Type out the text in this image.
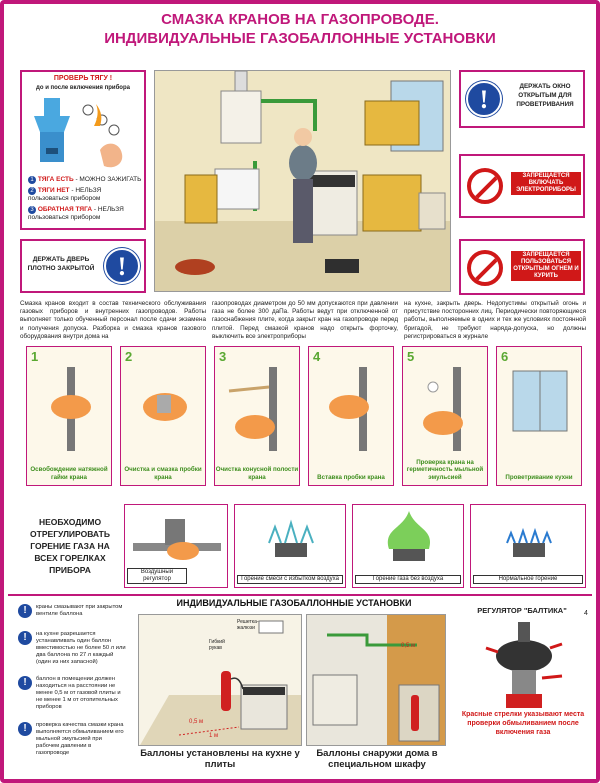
СМАЗКА КРАНОВ НА ГАЗОПРОВОДЕ.
ИНДИВИДУАЛЬНЫЕ ГАЗОБАЛЛОННЫЕ УСТАНОВКИ
ПРОВЕРЬ ТЯГУ !
до и после включения прибора
1 ТЯГА ЕСТЬ - МОЖНО ЗАЖИГАТЬ
2 ТЯГИ НЕТ - НЕЛЬЗЯ пользоваться прибором
3 ОБРАТНАЯ ТЯГА - НЕЛЬЗЯ пользоваться прибором
ДЕРЖАТЬ ДВЕРЬ ПЛОТНО ЗАКРЫТОЙ !
!	ДЕРЖАТЬ ОКНО ОТКРЫТЫМ ДЛЯ ПРОВЕТРИВАНИЯ
ЗАПРЕЩАЕТСЯ ВКЛЮЧАТЬ ЭЛЕКТРОПРИБОРЫ
ЗАПРЕЩАЕТСЯ ПОЛЬЗОВАТЬСЯ ОТКРЫТЫМ ОГНЕМ И КУРИТЬ
Смазка кранов входит в состав технического обслуживания газовых приборов и внутренних газопроводов. Работы выполняет только обученный персонал после сдачи экзамена и получения допуска. Разборка и смазка кранов газового оборудования внутри дома на
газопроводах диаметром до 50 мм допускаются при давлении газа не более 300 даПа. Работы ведут при отключенной от газоснабжения плите, когда закрыт кран на газопроводе перед плитой. Перед смазкой кранов надо открыть форточку, выключить все электроприборы
на кухне, закрыть дверь. Недопустимы открытый огонь и присутствие посторонних лиц. Периодически повторяющиеся работы, выполняемые в одних и тех же условиях постоянной бригадой, не требуют наряда-допуска, но должны регистрироваться в журнале
1
Освобождение натяжной гайки крана
2
Очистка и смазка пробки крана
3
Очистка конусной полости крана
4
Вставка пробки крана
5
Проверка крана на герметичность мыльной эмульсией
6
Проветривание кухни
НЕОБХОДИМО ОТРЕГУЛИРОВАТЬ ГОРЕНИЕ ГАЗА НА ВСЕХ ГОРЕЛКАХ ПРИБОРА	Воздушный регулятор	Горение смеси с избытком воздуха	Горение газа без воздуха	Нормальное горение
ИНДИВИДУАЛЬНЫЕ ГАЗОБАЛЛОННЫЕ УСТАНОВКИ
!	краны смазывают при закрытом вентиле баллона
!	на кухне разрешается устанавливать один баллон вместимостью не более 50 л или два баллона по 27 л каждый (один из них запасной)
!	баллон в помещении должен находиться на расстоянии не менее 0,5 м от газовой плиты и не менее 1 м от отопительных приборов
!	проверка качества смазки крана выполняется обмыливанием его мыльной эмульсией при рабочем давлении в газопроводе
Решетка-жалюзи
Гибкий рукав
0,5 м
1 м
Баллоны установлены на кухне у плиты
0,5 м
Баллоны снаружи дома в специальном шкафу
РЕГУЛЯТОР "БАЛТИКА"
Красные стрелки указывают места проверки обмыливанием после включения газа
4
